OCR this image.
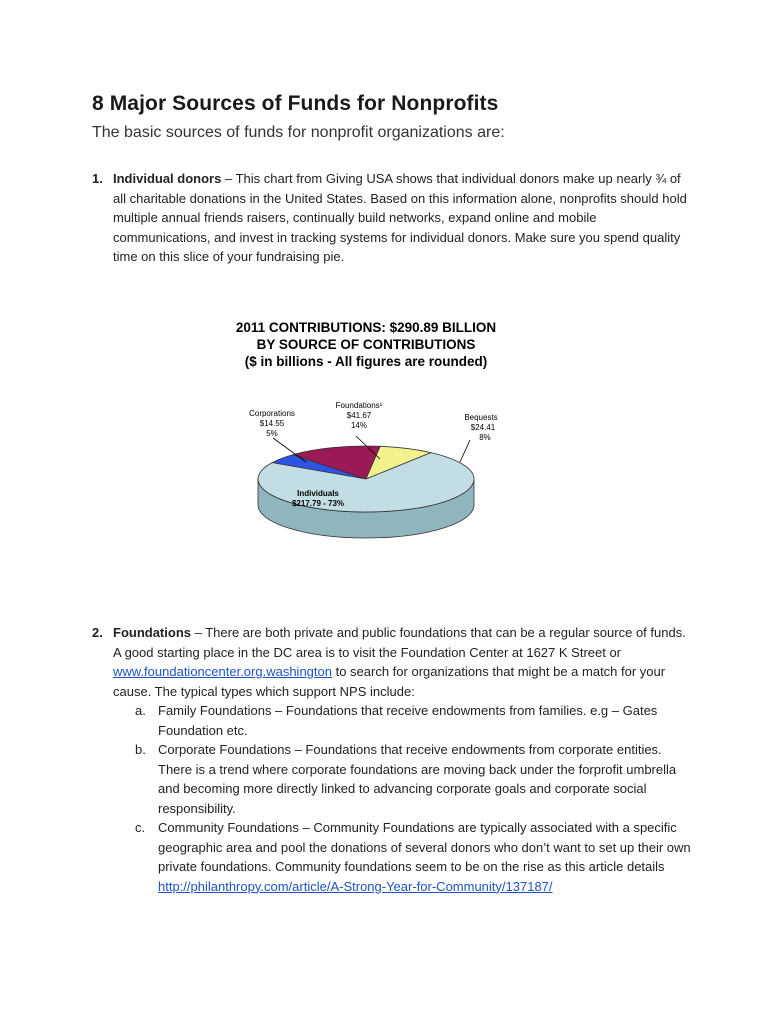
8 Major Sources of Funds for Nonprofits

The basic sources of funds for nonprofit organizations are:

1. Individual donors – This chart from Giving USA shows that individual donors make up nearly ¾ of all charitable donations in the United States. Based on this information alone, nonprofits should hold multiple annual friends raisers, continually build networks, expand online and mobile communications, and invest in tracking systems for individual donors. Make sure you spend quality time on this slice of your fundraising pie.
2011 CONTRIBUTIONS: $290.89 BILLION
BY SOURCE OF CONTRIBUTIONS
($ in billions - All figures are rounded)
Corporations
$14.55
5%
Foundations¹
$41.67
14%
Bequests
$24.41
8%
Individuals
$217.79 - 73%
2. Foundations – There are both private and public foundations that can be a regular source of funds. A good starting place in the DC area is to visit the Foundation Center at 1627 K Street or www.foundationcenter.org.washington to search for organizations that might be a match for your cause. The typical types which support NPS include:
a. Family Foundations – Foundations that receive endowments from families. e.g – Gates Foundation etc.
b. Corporate Foundations – Foundations that receive endowments from corporate entities. There is a trend where corporate foundations are moving back under the forprofit umbrella and becoming more directly linked to advancing corporate goals and corporate social responsibility.
c. Community Foundations – Community Foundations are typically associated with a specific geographic area and pool the donations of several donors who don’t want to set up their own private foundations. Community foundations seem to be on the rise as this article details http://philanthropy.com/article/A-Strong-Year-for-Community/137187/
